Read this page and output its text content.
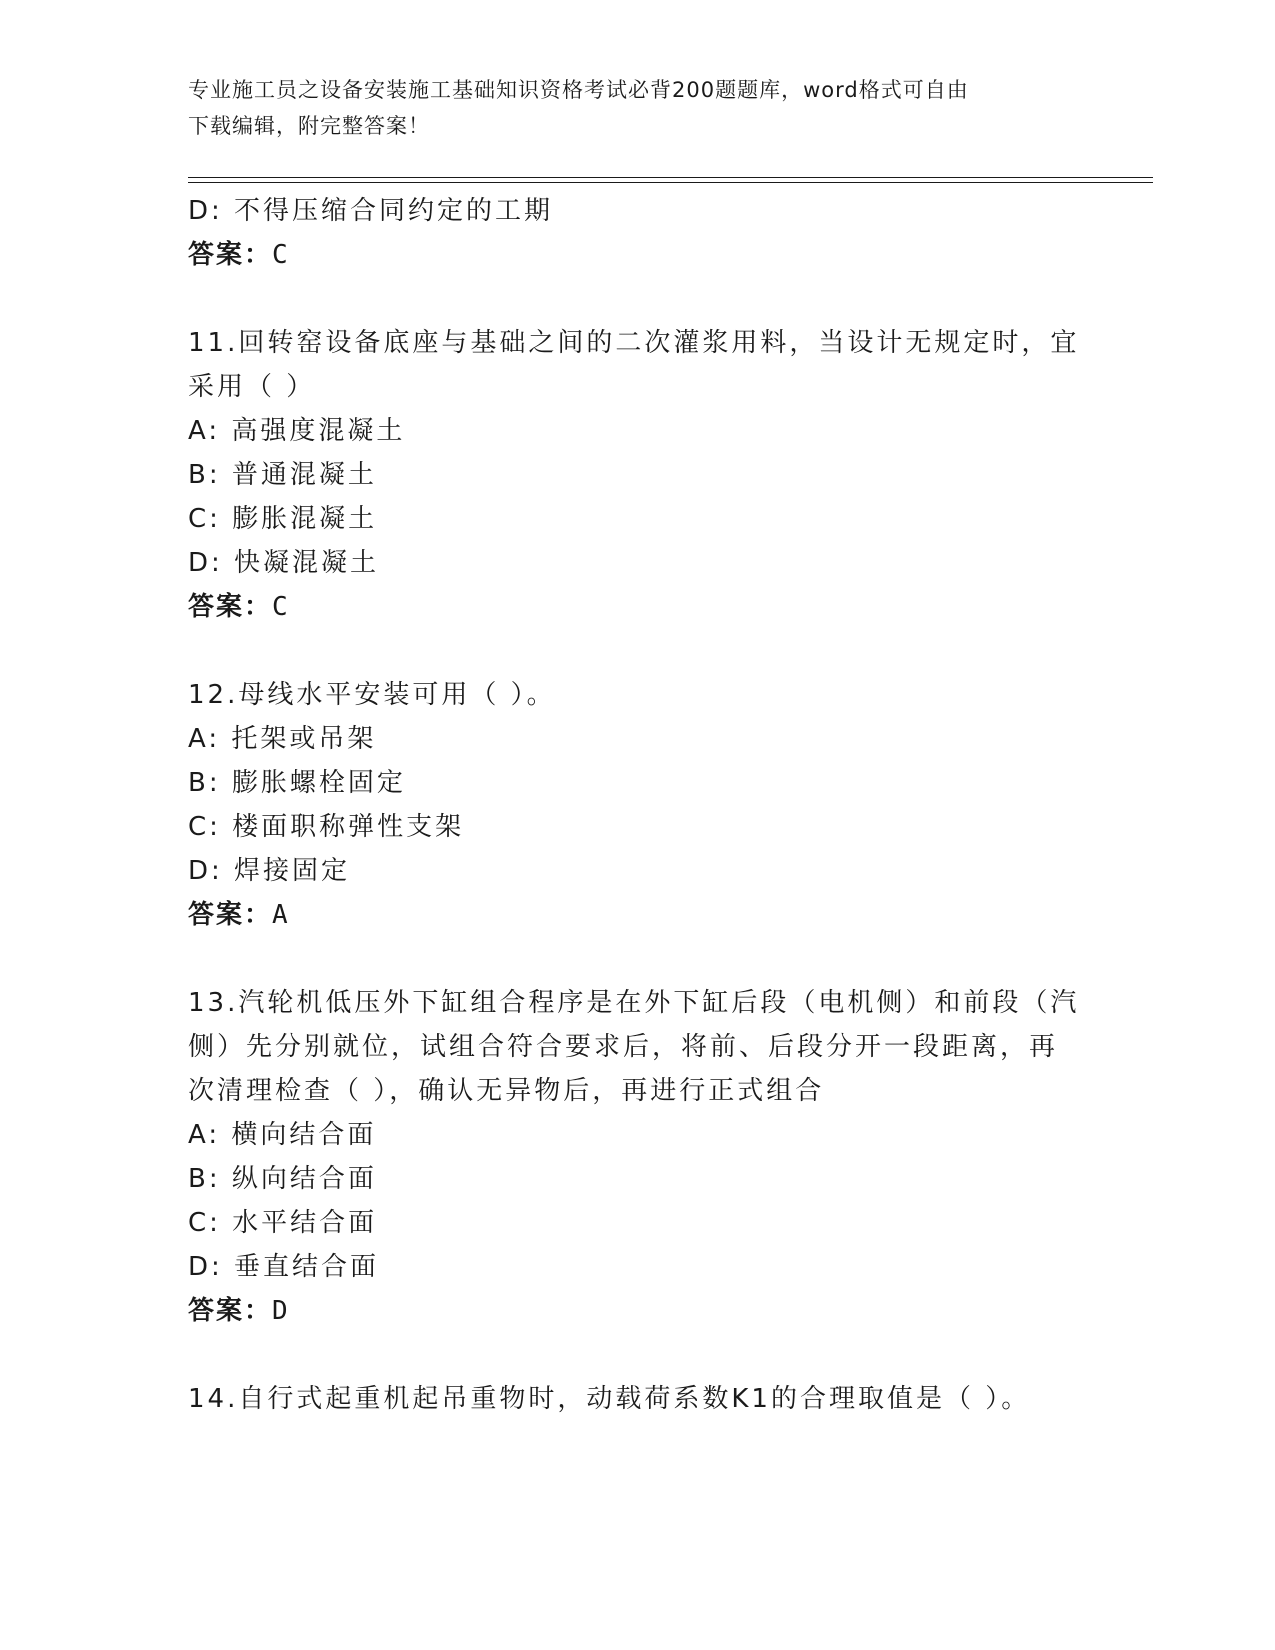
专业施工员之设备安装施工基础知识资格考试必背200题题库，word格式可自由
下载编辑，附完整答案！
D: 不得压缩合同约定的工期
答案：C
11.回转窑设备底座与基础之间的二次灌浆用料，当设计无规定时，宜
采用（ ）
A: 高强度混凝土
B: 普通混凝土
C: 膨胀混凝土
D: 快凝混凝土
答案：C
12.母线水平安装可用（ ）。
A: 托架或吊架
B: 膨胀螺栓固定
C: 楼面职称弹性支架
D: 焊接固定
答案：A
13.汽轮机低压外下缸组合程序是在外下缸后段（电机侧）和前段（汽
侧）先分别就位，试组合符合要求后，将前、后段分开一段距离，再
次清理检查（ ），确认无异物后，再进行正式组合
A: 横向结合面
B: 纵向结合面
C: 水平结合面
D: 垂直结合面
答案：D
14.自行式起重机起吊重物时，动载荷系数K1的合理取值是（ ）。
